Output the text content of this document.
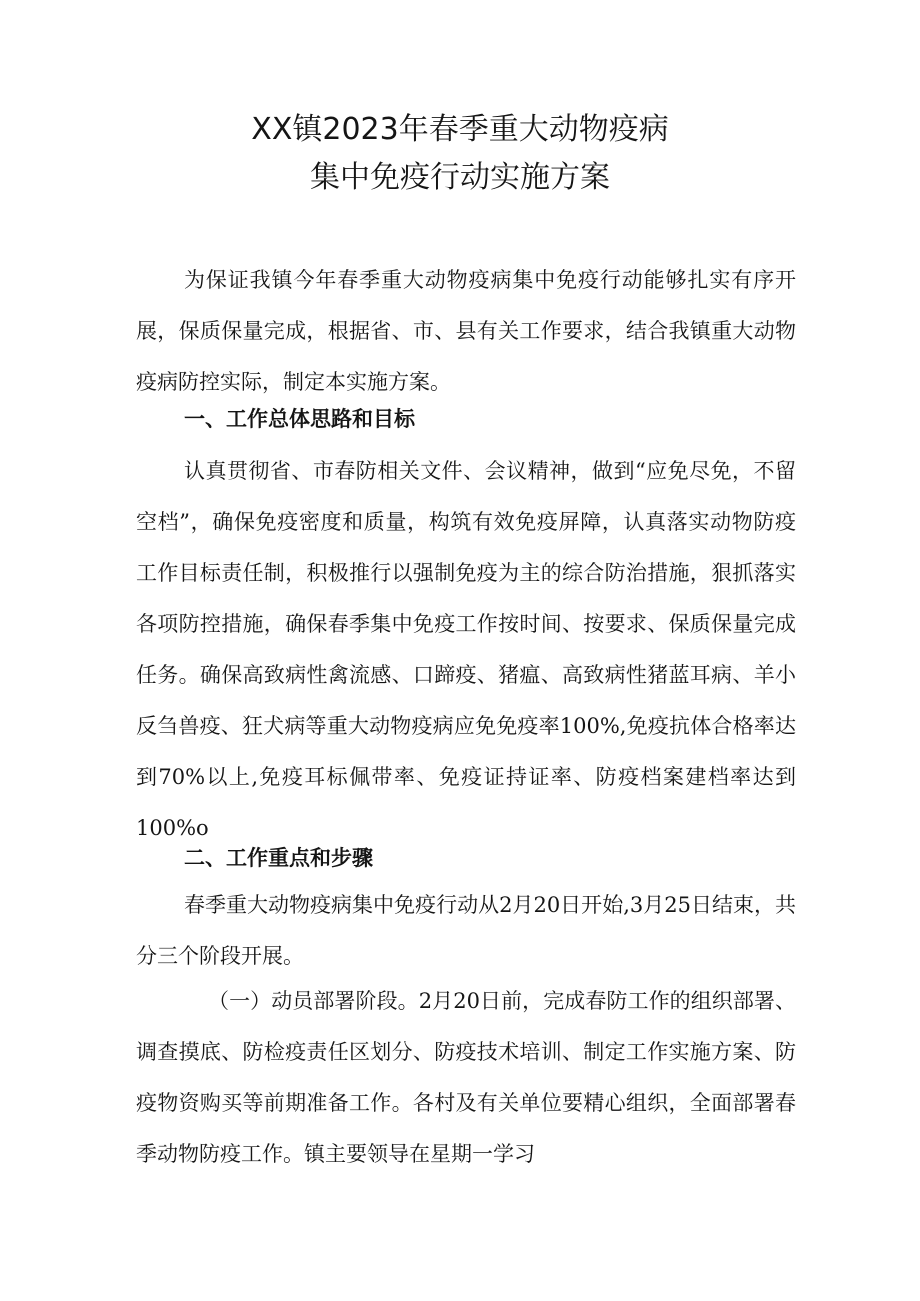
XX镇2023年春季重大动物疫病
集中免疫行动实施方案

为保证我镇今年春季重大动物疫病集中免疫行动能够扎实有序开展，保质保量完成，根据省、市、县有关工作要求，结合我镇重大动物疫病防控实际，制定本实施方案。

一、工作总体思路和目标

认真贯彻省、市春防相关文件、会议精神，做到“应免尽免，不留空档”，确保免疫密度和质量，构筑有效免疫屏障，认真落实动物防疫工作目标责任制，积极推行以强制免疫为主的综合防治措施，狠抓落实各项防控措施，确保春季集中免疫工作按时间、按要求、保质保量完成任务。确保高致病性禽流感、口蹄疫、猪瘟、高致病性猪蓝耳病、羊小反刍兽疫、狂犬病等重大动物疫病应免免疫率100%,免疫抗体合格率达到70%以上,免疫耳标佩带率、免疫证持证率、防疫档案建档率达到100%o

二、工作重点和步骤

春季重大动物疫病集中免疫行动从2月20日开始,3月25日结束，共分三个阶段开展。

（一）动员部署阶段。2月20日前，完成春防工作的组织部署、调查摸底、防检疫责任区划分、防疫技术培训、制定工作实施方案、防疫物资购买等前期准备工作。各村及有关单位要精心组织，全面部署春季动物防疫工作。镇主要领导在星期一学习
